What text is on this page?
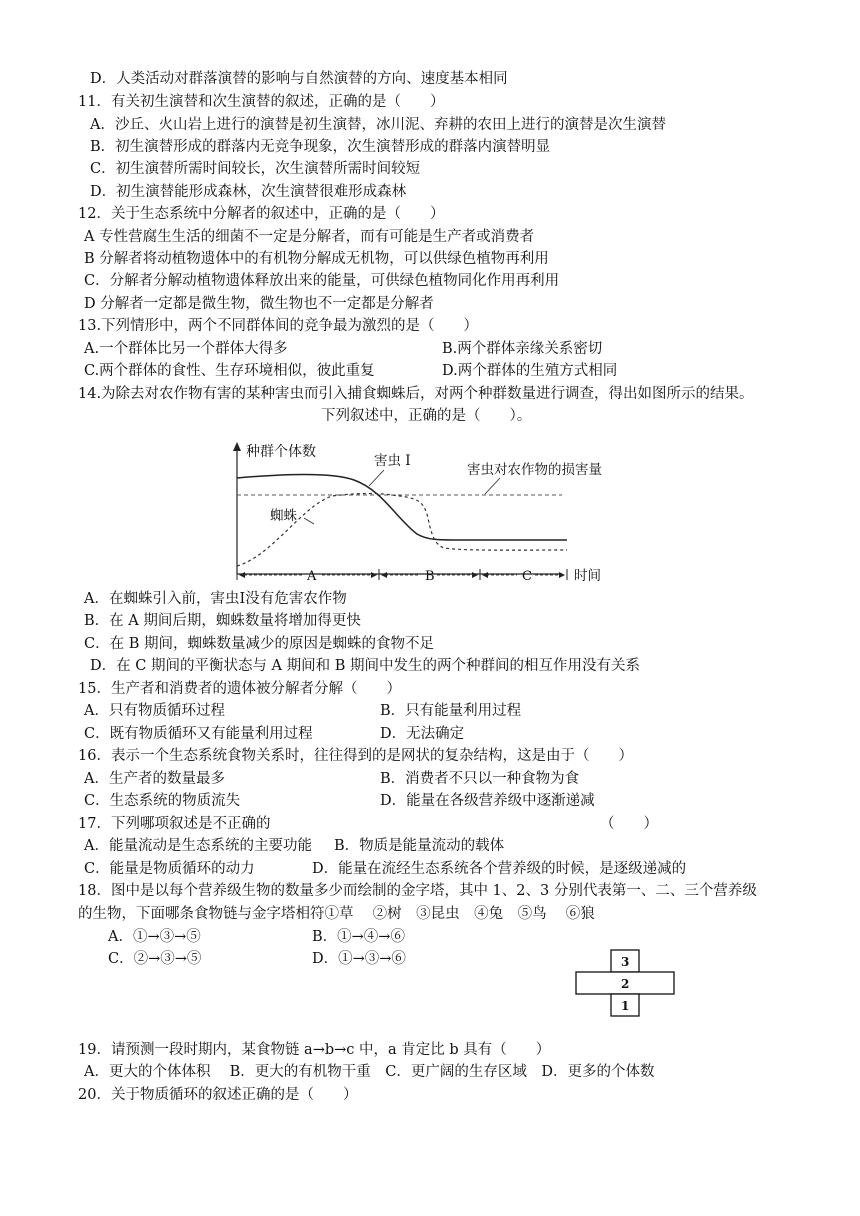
D．人类活动对群落演替的影响与自然演替的方向、速度基本相同
11．有关初生演替和次生演替的叙述，正确的是（　　）
A．沙丘、火山岩上进行的演替是初生演替，冰川泥、弃耕的农田上进行的演替是次生演替
B．初生演替形成的群落内无竞争现象，次生演替形成的群落内演替明显
C．初生演替所需时间较长，次生演替所需时间较短
D．初生演替能形成森林，次生演替很难形成森林
12．关于生态系统中分解者的叙述中，正确的是（　　）
A 专性营腐生生活的细菌不一定是分解者，而有可能是生产者或消费者
B 分解者将动植物遗体中的有机物分解成无机物，可以供绿色植物再利用
C．分解者分解动植物遗体释放出来的能量，可供绿色植物同化作用再利用
D 分解者一定都是微生物，微生物也不一定都是分解者
13.下列情形中，两个不同群体间的竞争最为激烈的是（　　）
A.一个群体比另一个群体大得多	B.两个群体亲缘关系密切
C.两个群体的食性、生存环境相似，彼此重复	D.两个群体的生殖方式相同
14.为除去对农作物有害的某种害虫而引入捕食蜘蛛后，对两个种群数量进行调查，得出如图所示的结果。
下列叙述中，正确的是（　　）。
种群个体数
害虫对农作物的损害量
害虫 I
蜘蛛
A	B	C	时间
A．在蜘蛛引入前，害虫Ⅰ没有危害农作物
B．在 A 期间后期，蜘蛛数量将增加得更快
C．在 B 期间，蜘蛛数量减少的原因是蜘蛛的食物不足
D．在 C 期间的平衡状态与 A 期间和 B 期间中发生的两个种群间的相互作用没有关系
15．生产者和消费者的遗体被分解者分解（　　）
A．只有物质循环过程	B．只有能量利用过程
C．既有物质循环又有能量利用过程	D．无法确定
16．表示一个生态系统食物关系时，往往得到的是网状的复杂结构，这是由于（　　）
A．生产者的数量最多	B．消费者不只以一种食物为食
C．生态系统的物质流失	D．能量在各级营养级中逐渐递减
17．下列哪项叙述是不正确的	（　　）
A．能量流动是生态系统的主要功能 B．物质是能量流动的载体
C．能量是物质循环的动力	D．能量在流经生态系统各个营养级的时候，是逐级递减的
18．图中是以每个营养级生物的数量多少而绘制的金字塔，其中 1、2、3 分别代表第一、二、三个营养级
的生物，下面哪条食物链与金字塔相符①草　 ②树　③昆虫　④兔　⑤鸟　 ⑥狼
A．①→③→⑤	B．①→④→⑥
C．②→③→⑤	D．①→③→⑥	3
2
1
19．请预测一段时期内，某食物链 a→b→c 中，a 肯定比 b 具有（　　）
A．更大的个体体积　 B．更大的有机物干重　C．更广阔的生存区域　D．更多的个体数
20．关于物质循环的叙述正确的是（　　）
